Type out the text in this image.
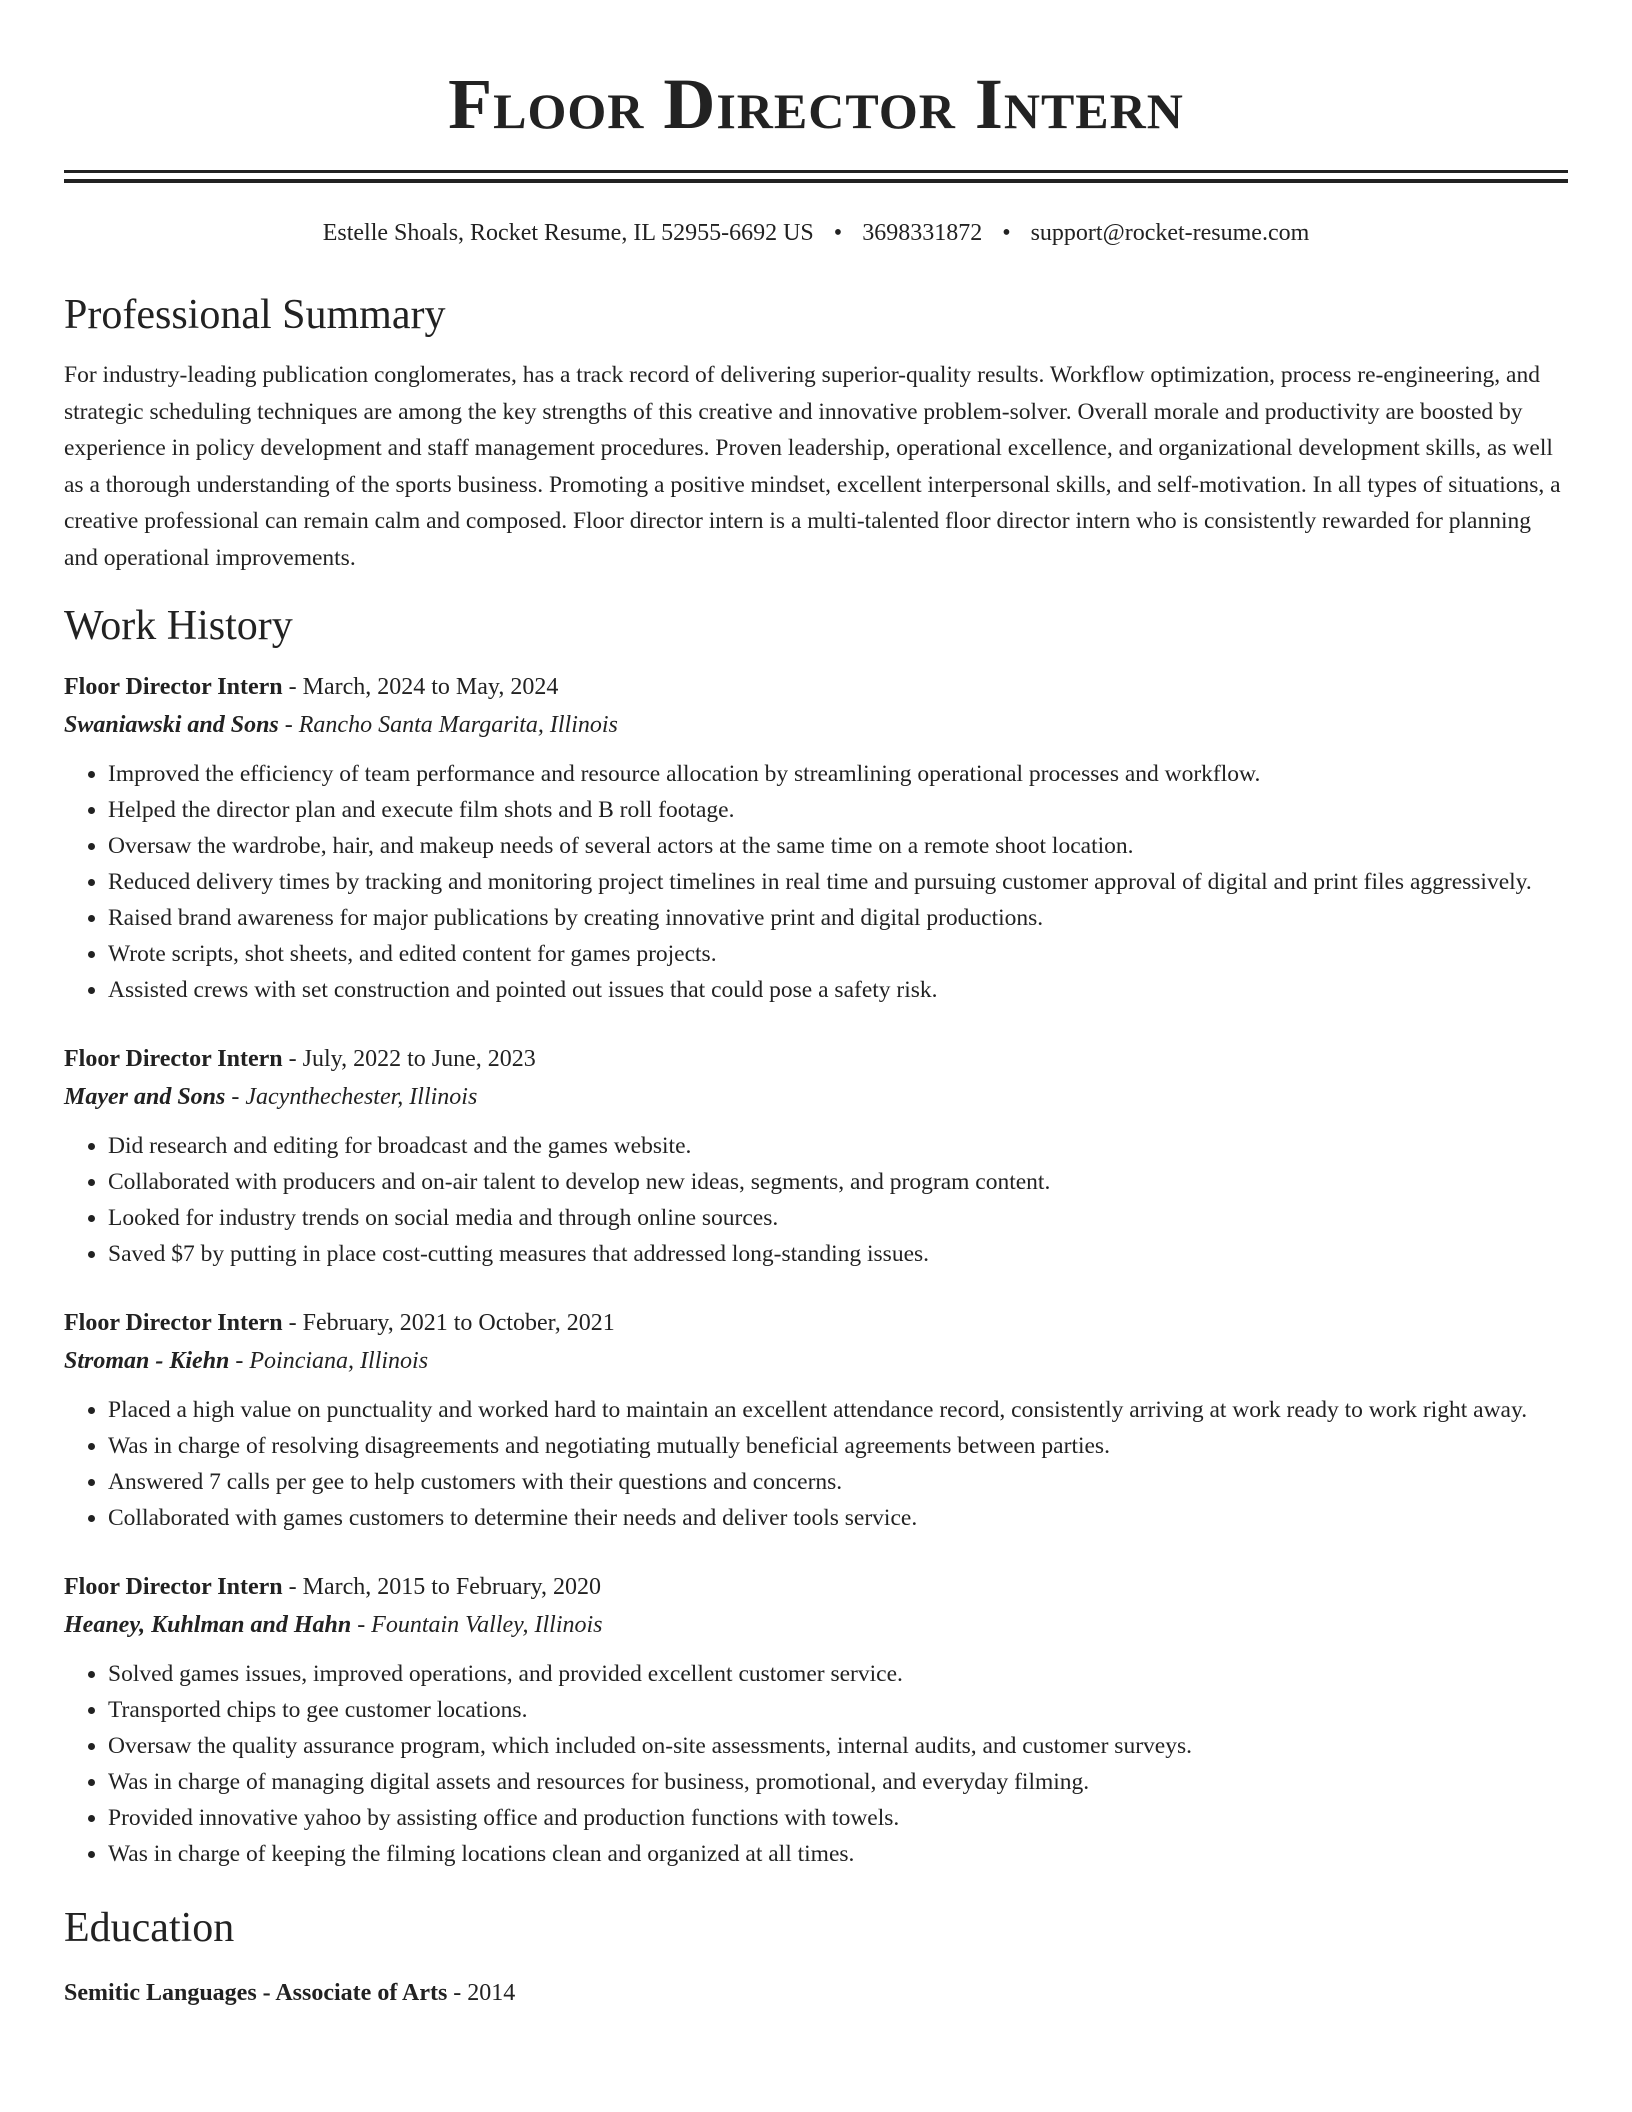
Floor Director Intern
Estelle Shoals, Rocket Resume, IL 52955-6692 US • 3698331872 • support@rocket-resume.com
Professional Summary

For industry-leading publication conglomerates, has a track record of delivering superior-quality results. Workflow optimization, process re-engineering, and strategic scheduling techniques are among the key strengths of this creative and innovative problem-solver. Overall morale and productivity are boosted by experience in policy development and staff management procedures. Proven leadership, operational excellence, and organizational development skills, as well as a thorough understanding of the sports business. Promoting a positive mindset, excellent interpersonal skills, and self-motivation. In all types of situations, a creative professional can remain calm and composed. Floor director intern is a multi-talented floor director intern who is consistently rewarded for planning and operational improvements.

Work History
Floor Director Intern - March, 2024 to May, 2024
Swaniawski and Sons - Rancho Santa Margarita, Illinois
• Improved the efficiency of team performance and resource allocation by streamlining operational processes and workflow.
• Helped the director plan and execute film shots and B roll footage.
• Oversaw the wardrobe, hair, and makeup needs of several actors at the same time on a remote shoot location.
• Reduced delivery times by tracking and monitoring project timelines in real time and pursuing customer approval of digital and print files aggressively.
• Raised brand awareness for major publications by creating innovative print and digital productions.
• Wrote scripts, shot sheets, and edited content for games projects.
• Assisted crews with set construction and pointed out issues that could pose a safety risk.
Floor Director Intern - July, 2022 to June, 2023
Mayer and Sons - Jacynthechester, Illinois
• Did research and editing for broadcast and the games website.
• Collaborated with producers and on-air talent to develop new ideas, segments, and program content.
• Looked for industry trends on social media and through online sources.
• Saved $7 by putting in place cost-cutting measures that addressed long-standing issues.
Floor Director Intern - February, 2021 to October, 2021
Stroman - Kiehn - Poinciana, Illinois
• Placed a high value on punctuality and worked hard to maintain an excellent attendance record, consistently arriving at work ready to work right away.
• Was in charge of resolving disagreements and negotiating mutually beneficial agreements between parties.
• Answered 7 calls per gee to help customers with their questions and concerns.
• Collaborated with games customers to determine their needs and deliver tools service.
Floor Director Intern - March, 2015 to February, 2020
Heaney, Kuhlman and Hahn - Fountain Valley, Illinois
• Solved games issues, improved operations, and provided excellent customer service.
• Transported chips to gee customer locations.
• Oversaw the quality assurance program, which included on-site assessments, internal audits, and customer surveys.
• Was in charge of managing digital assets and resources for business, promotional, and everyday filming.
• Provided innovative yahoo by assisting office and production functions with towels.
• Was in charge of keeping the filming locations clean and organized at all times.
Education
Semitic Languages - Associate of Arts - 2014
